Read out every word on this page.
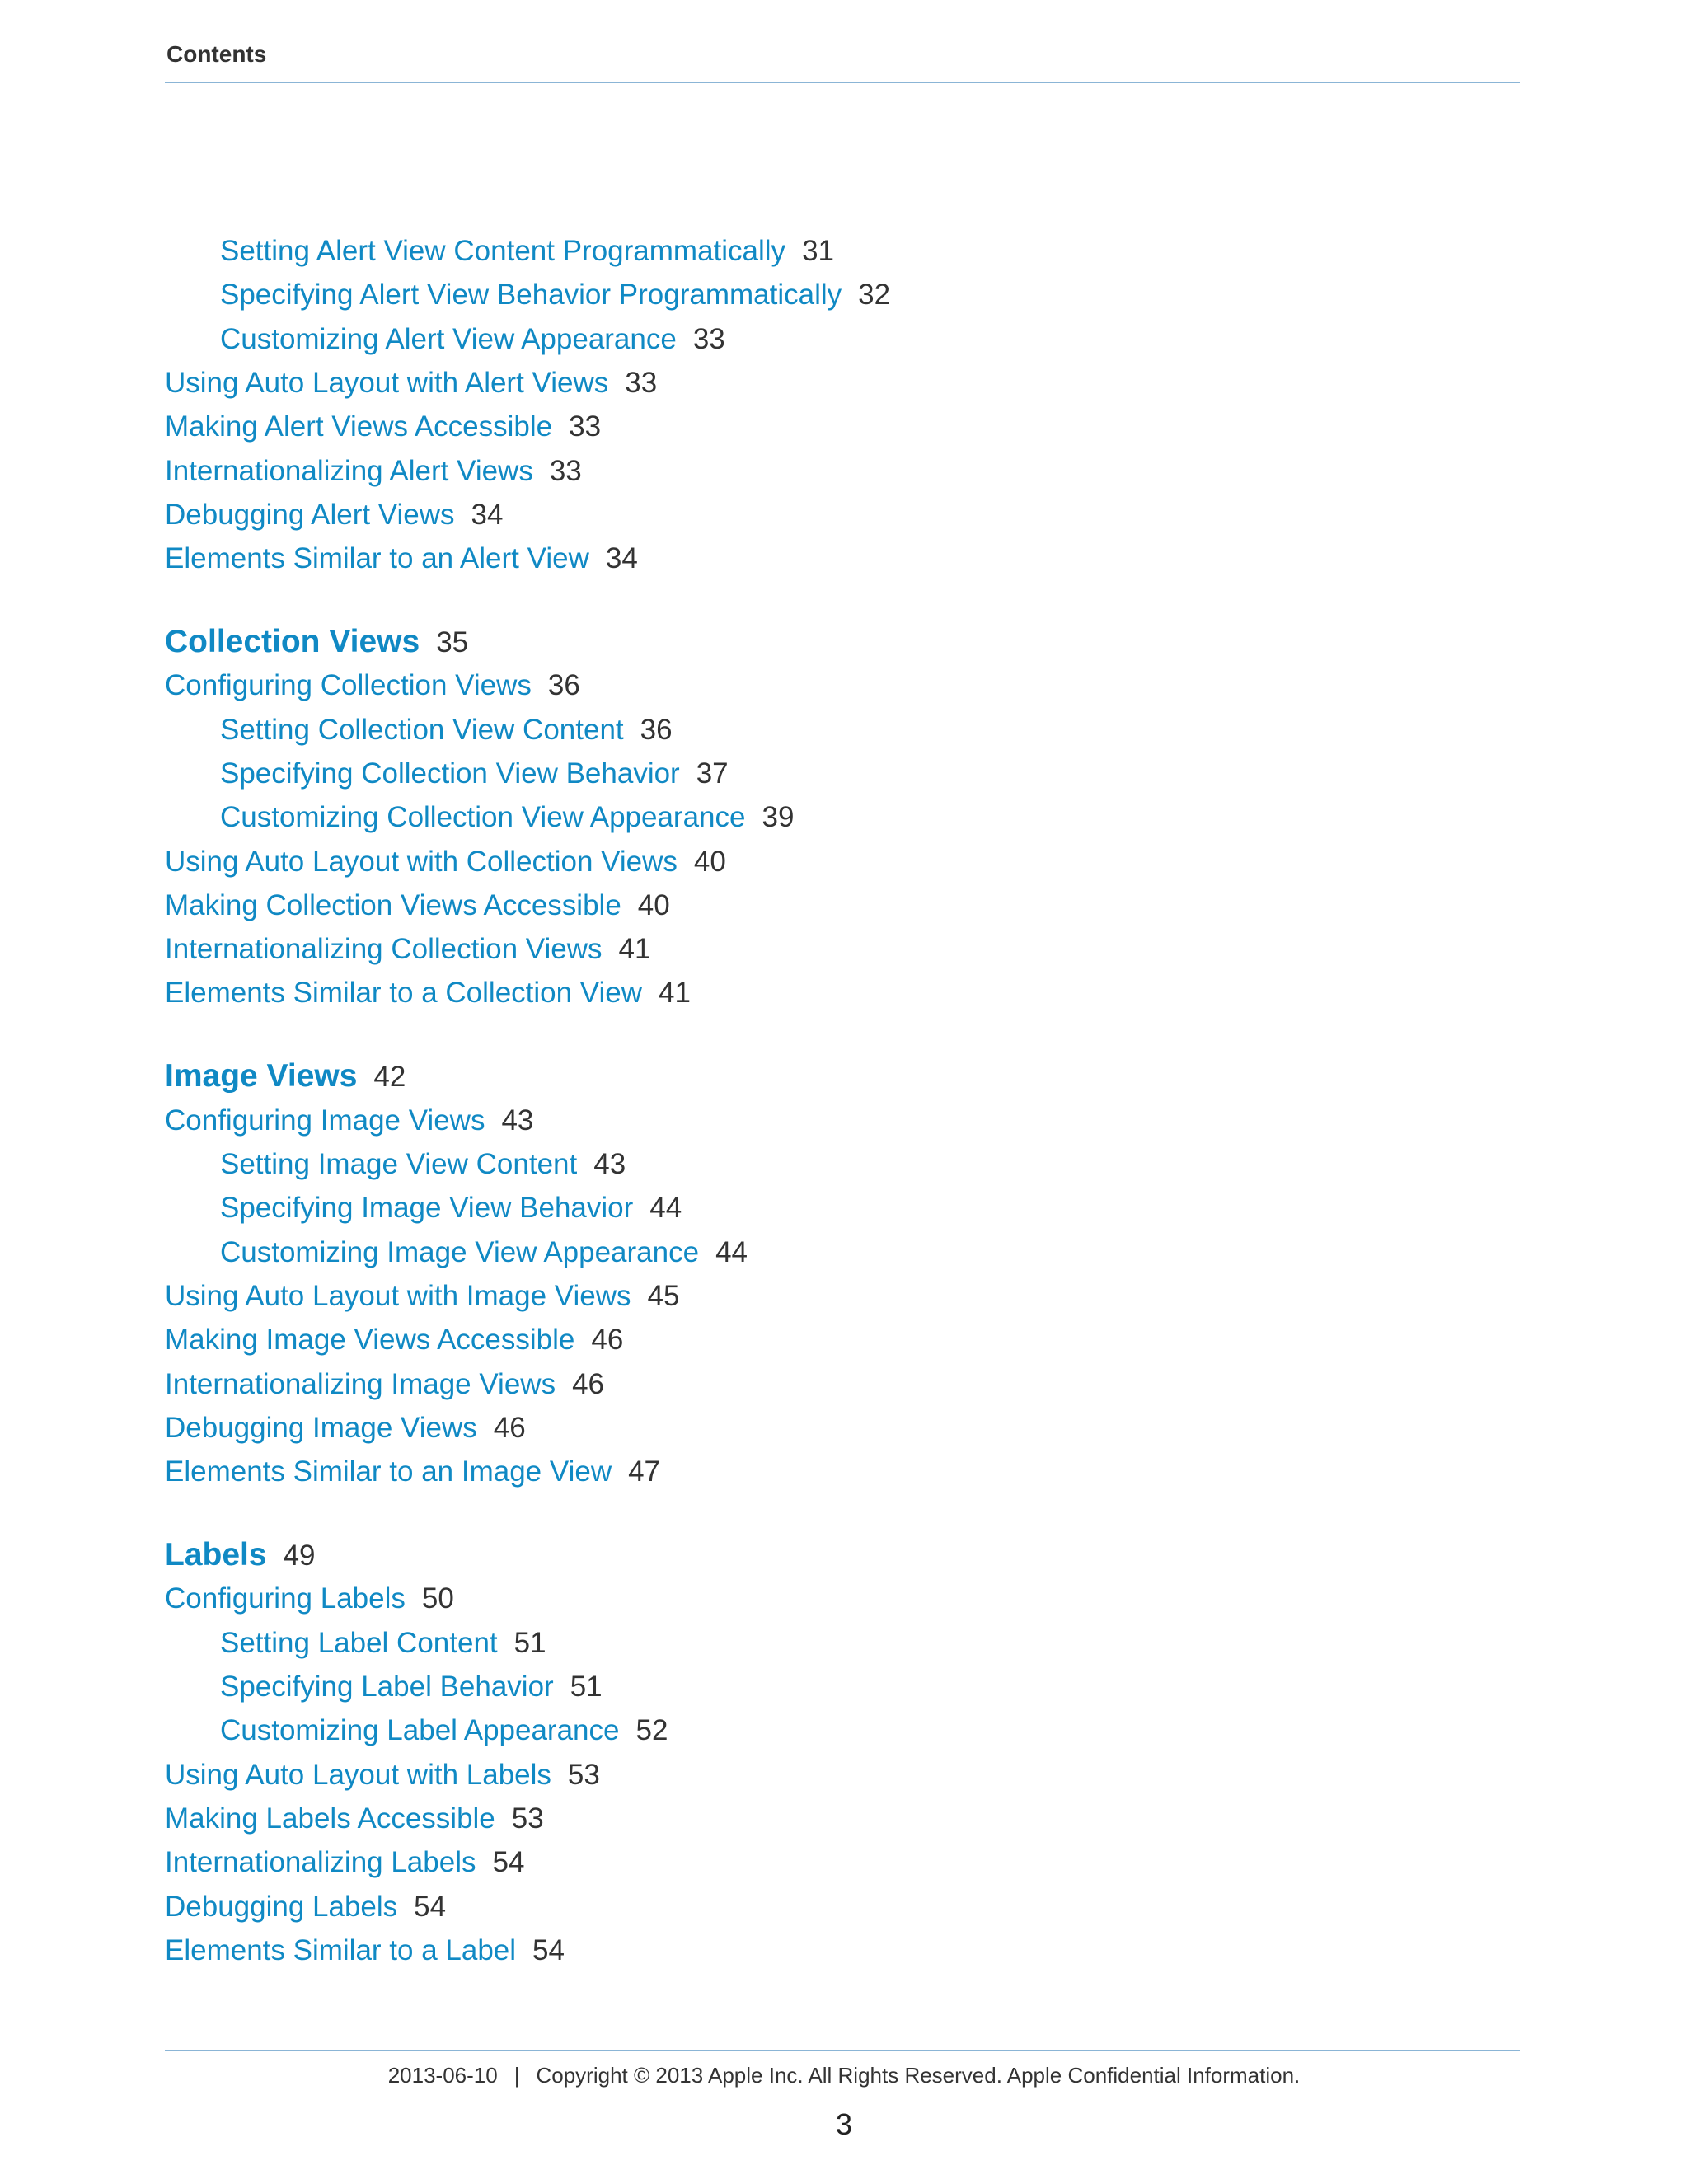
Contents
Setting Alert View Content Programmatically 31
Specifying Alert View Behavior Programmatically 32
Customizing Alert View Appearance 33
Using Auto Layout with Alert Views 33
Making Alert Views Accessible 33
Internationalizing Alert Views 33
Debugging Alert Views 34
Elements Similar to an Alert View 34
Collection Views 35
Configuring Collection Views 36
Setting Collection View Content 36
Specifying Collection View Behavior 37
Customizing Collection View Appearance 39
Using Auto Layout with Collection Views 40
Making Collection Views Accessible 40
Internationalizing Collection Views 41
Elements Similar to a Collection View 41
Image Views 42
Configuring Image Views 43
Setting Image View Content 43
Specifying Image View Behavior 44
Customizing Image View Appearance 44
Using Auto Layout with Image Views 45
Making Image Views Accessible 46
Internationalizing Image Views 46
Debugging Image Views 46
Elements Similar to an Image View 47
Labels 49
Configuring Labels 50
Setting Label Content 51
Specifying Label Behavior 51
Customizing Label Appearance 52
Using Auto Layout with Labels 53
Making Labels Accessible 53
Internationalizing Labels 54
Debugging Labels 54
Elements Similar to a Label 54
2013-06-10 | Copyright © 2013 Apple Inc. All Rights Reserved. Apple Confidential Information.
3
